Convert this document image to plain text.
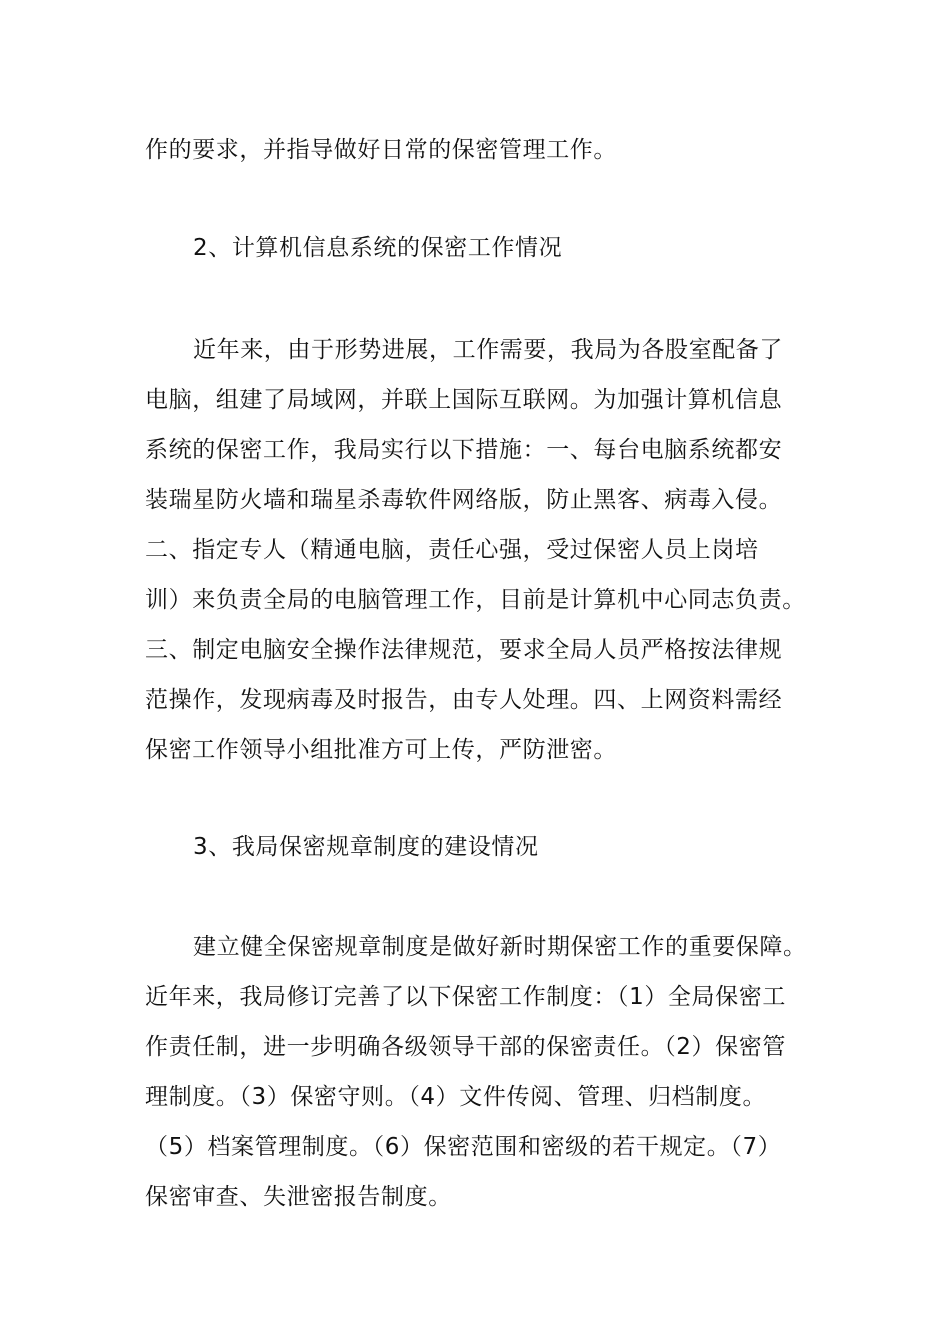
作的要求，并指导做好日常的保密管理工作。
2、计算机信息系统的保密工作情况
近年来，由于形势进展，工作需要，我局为各股室配备了
电脑，组建了局域网，并联上国际互联网。为加强计算机信息
系统的保密工作，我局实行以下措施：一、每台电脑系统都安
装瑞星防火墙和瑞星杀毒软件网络版，防止黑客、病毒入侵。
二、指定专人（精通电脑，责任心强，受过保密人员上岗培
训）来负责全局的电脑管理工作，目前是计算机中心同志负责。
三、制定电脑安全操作法律规范，要求全局人员严格按法律规
范操作，发现病毒及时报告，由专人处理。四、上网资料需经
保密工作领导小组批准方可上传，严防泄密。
3、我局保密规章制度的建设情况
建立健全保密规章制度是做好新时期保密工作的重要保障。
近年来，我局修订完善了以下保密工作制度：（1）全局保密工
作责任制，进一步明确各级领导干部的保密责任。（2）保密管
理制度。（3）保密守则。（4）文件传阅、管理、归档制度。
（5）档案管理制度。（6）保密范围和密级的若干规定。（7）
保密审查、失泄密报告制度。
